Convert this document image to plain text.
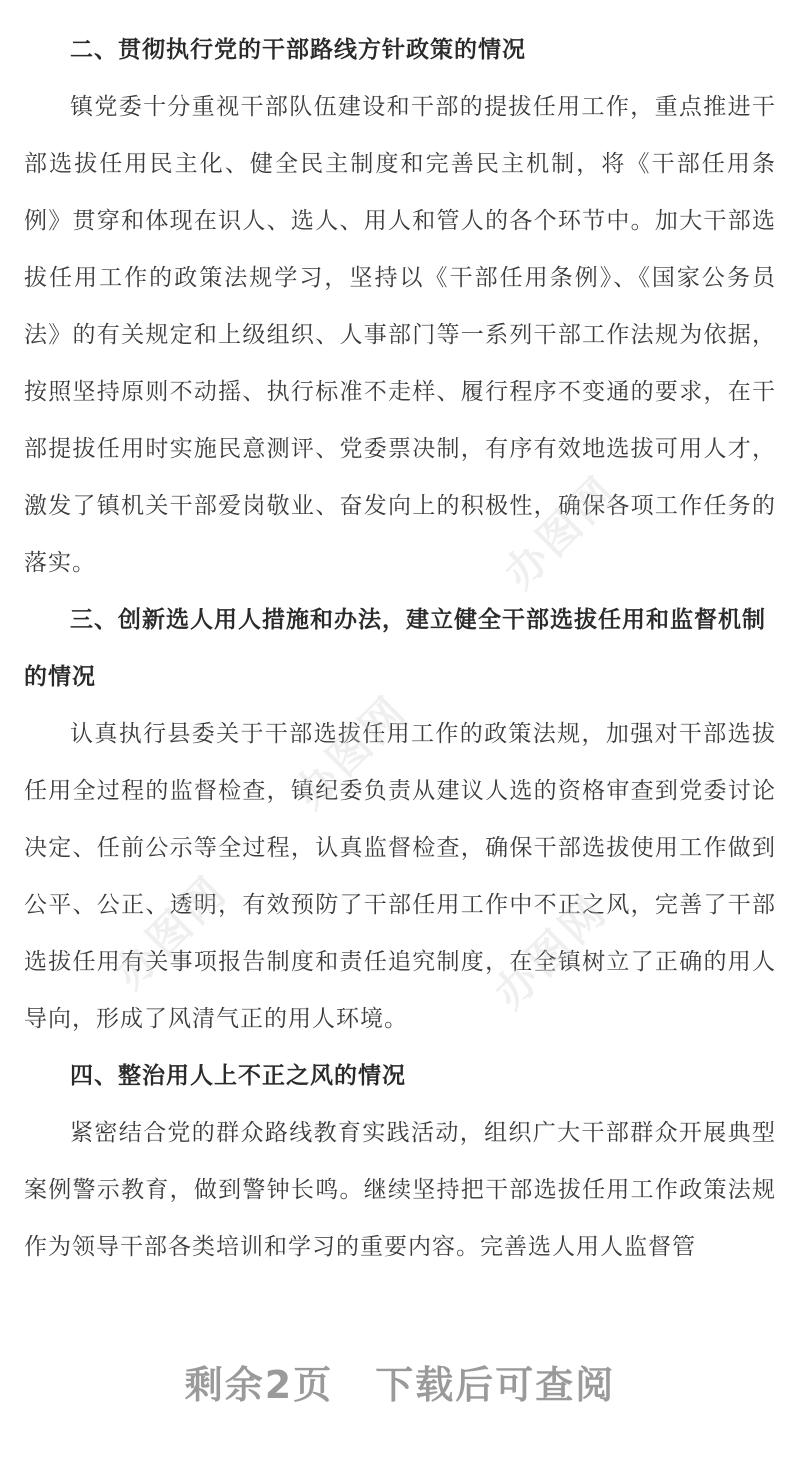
二、贯彻执行党的干部路线方针政策的情况

镇党委十分重视干部队伍建设和干部的提拔任用工作，重点推进干部选拔任用民主化、健全民主制度和完善民主机制，将《干部任用条例》贯穿和体现在识人、选人、用人和管人的各个环节中。加大干部选拔任用工作的政策法规学习，坚持以《干部任用条例》、《国家公务员法》的有关规定和上级组织、人事部门等一系列干部工作法规为依据，按照坚持原则不动摇、执行标准不走样、履行程序不变通的要求，在干部提拔任用时实施民意测评、党委票决制，有序有效地选拔可用人才，激发了镇机关干部爱岗敬业、奋发向上的积极性，确保各项工作任务的落实。

三、创新选人用人措施和办法，建立健全干部选拔任用和监督机制的情况

认真执行县委关于干部选拔任用工作的政策法规，加强对干部选拔任用全过程的监督检查，镇纪委负责从建议人选的资格审查到党委讨论决定、任前公示等全过程，认真监督检查，确保干部选拔使用工作做到公平、公正、透明，有效预防了干部任用工作中不正之风，完善了干部选拔任用有关事项报告制度和责任追究制度，在全镇树立了正确的用人导向，形成了风清气正的用人环境。

四、整治用人上不正之风的情况

紧密结合党的群众路线教育实践活动，组织广大干部群众开展典型案例警示教育，做到警钟长鸣。继续坚持把干部选拔任用工作政策法规作为领导干部各类培训和学习的重要内容。完善选人用人监督管

办图网
办图网
办图网	办图网
剩余2页 下载后可查阅
